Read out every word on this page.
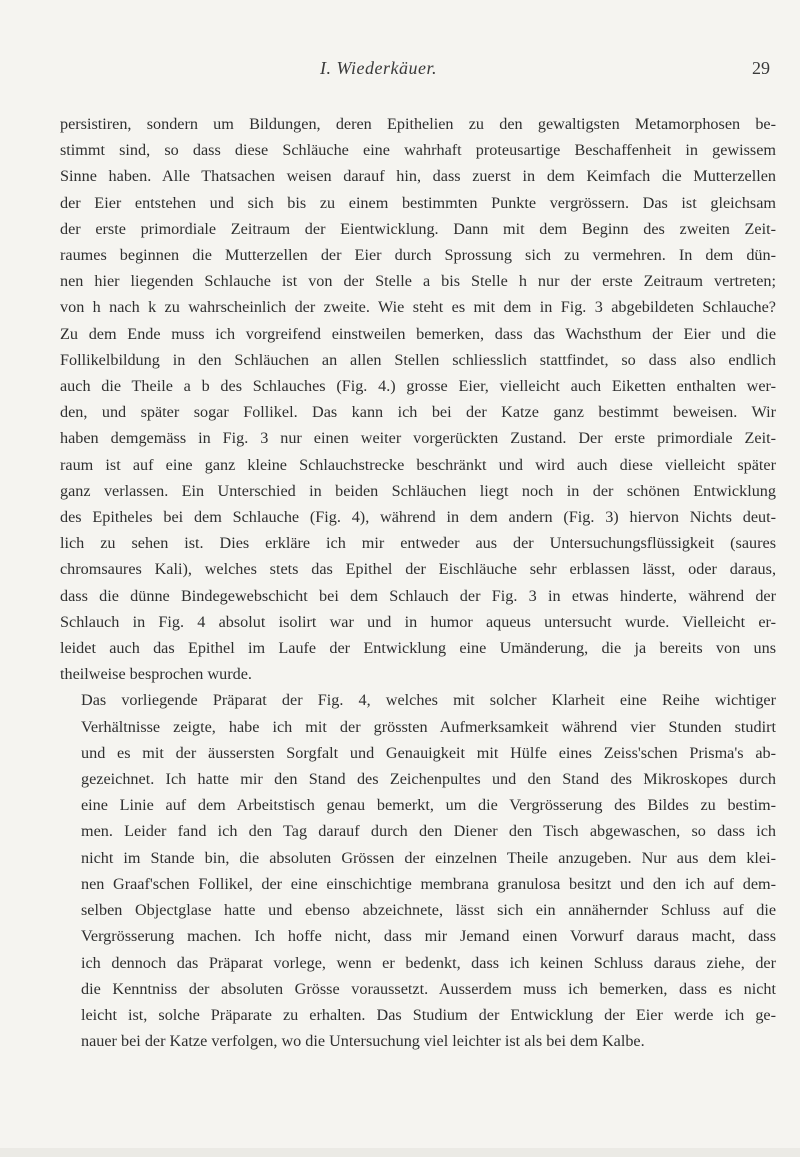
I. Wiederkäuer.	29
persistiren, sondern um Bildungen, deren Epithelien zu den gewaltigsten Metamorphosen be-
stimmt sind, so dass diese Schläuche eine wahrhaft proteusartige Beschaffenheit in gewissem
Sinne haben. Alle Thatsachen weisen darauf hin, dass zuerst in dem Keimfach die Mutterzellen
der Eier entstehen und sich bis zu einem bestimmten Punkte vergrössern. Das ist gleichsam
der erste primordiale Zeitraum der Eientwicklung. Dann mit dem Beginn des zweiten Zeit-
raumes beginnen die Mutterzellen der Eier durch Sprossung sich zu vermehren. In dem dün-
nen hier liegenden Schlauche ist von der Stelle a bis Stelle h nur der erste Zeitraum vertreten;
von h nach k zu wahrscheinlich der zweite. Wie steht es mit dem in Fig. 3 abgebildeten Schlauche?
Zu dem Ende muss ich vorgreifend einstweilen bemerken, dass das Wachsthum der Eier und die
Follikelbildung in den Schläuchen an allen Stellen schliesslich stattfindet, so dass also endlich
auch die Theile a b des Schlauches (Fig. 4.) grosse Eier, vielleicht auch Eiketten enthalten wer-
den, und später sogar Follikel. Das kann ich bei der Katze ganz bestimmt beweisen. Wir
haben demgemäss in Fig. 3 nur einen weiter vorgerückten Zustand. Der erste primordiale Zeit-
raum ist auf eine ganz kleine Schlauchstrecke beschränkt und wird auch diese vielleicht später
ganz verlassen. Ein Unterschied in beiden Schläuchen liegt noch in der schönen Entwicklung
des Epitheles bei dem Schlauche (Fig. 4), während in dem andern (Fig. 3) hiervon Nichts deut-
lich zu sehen ist. Dies erkläre ich mir entweder aus der Untersuchungsflüssigkeit (saures
chromsaures Kali), welches stets das Epithel der Eischläuche sehr erblassen lässt, oder daraus,
dass die dünne Bindegewebschicht bei dem Schlauch der Fig. 3 in etwas hinderte, während der
Schlauch in Fig. 4 absolut isolirt war und in humor aqueus untersucht wurde. Vielleicht er-
leidet auch das Epithel im Laufe der Entwicklung eine Umänderung, die ja bereits von uns
theilweise besprochen wurde.
Das vorliegende Präparat der Fig. 4, welches mit solcher Klarheit eine Reihe wichtiger
Verhältnisse zeigte, habe ich mit der grössten Aufmerksamkeit während vier Stunden studirt
und es mit der äussersten Sorgfalt und Genauigkeit mit Hülfe eines Zeiss'schen Prisma's ab-
gezeichnet. Ich hatte mir den Stand des Zeichenpultes und den Stand des Mikroskopes durch
eine Linie auf dem Arbeitstisch genau bemerkt, um die Vergrösserung des Bildes zu bestim-
men. Leider fand ich den Tag darauf durch den Diener den Tisch abgewaschen, so dass ich
nicht im Stande bin, die absoluten Grössen der einzelnen Theile anzugeben. Nur aus dem klei-
nen Graaf'schen Follikel, der eine einschichtige membrana granulosa besitzt und den ich auf dem-
selben Objectglase hatte und ebenso abzeichnete, lässt sich ein annähernder Schluss auf die
Vergrösserung machen. Ich hoffe nicht, dass mir Jemand einen Vorwurf daraus macht, dass
ich dennoch das Präparat vorlege, wenn er bedenkt, dass ich keinen Schluss daraus ziehe, der
die Kenntniss der absoluten Grösse voraussetzt. Ausserdem muss ich bemerken, dass es nicht
leicht ist, solche Präparate zu erhalten. Das Studium der Entwicklung der Eier werde ich ge-
nauer bei der Katze verfolgen, wo die Untersuchung viel leichter ist als bei dem Kalbe.
